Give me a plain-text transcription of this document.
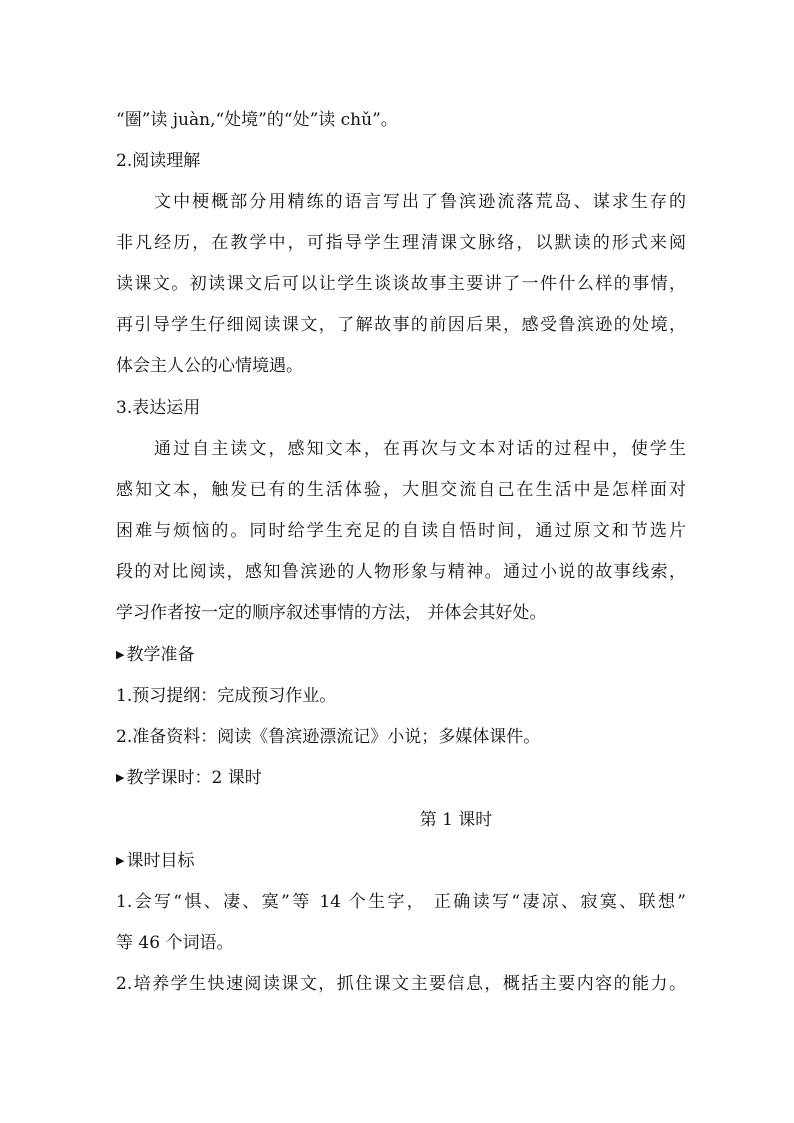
“圈”读 juàn,“处境”的“处”读 chǔ”。
2.阅读理解
文中梗概部分用精练的语言写出了鲁滨逊流落荒岛、谋求生存的
非凡经历，在教学中，可指导学生理清课文脉络，以默读的形式来阅
读课文。初读课文后可以让学生谈谈故事主要讲了一件什么样的事情，
再引导学生仔细阅读课文，了解故事的前因后果，感受鲁滨逊的处境，
体会主人公的心情境遇。
3.表达运用
通过自主读文，感知文本，在再次与文本对话的过程中，使学生
感知文本，触发已有的生活体验，大胆交流自己在生活中是怎样面对
困难与烦恼的。同时给学生充足的自读自悟时间，通过原文和节选片
段的对比阅读，感知鲁滨逊的人物形象与精神。通过小说的故事线索，
学习作者按一定的顺序叙述事情的方法， 并体会其好处。
▶ 教学准备
1.预习提纲：完成预习作业。
2.准备资料：阅读《鲁滨逊漂流记》小说；多媒体课件。
▶ 教学课时：2 课时
第 1 课时
▶ 课时目标
1.会写“惧、凄、寞”等 14 个生字， 正确读写“凄凉、寂寞、联想”
等 46 个词语。
2.培养学生快速阅读课文，抓住课文主要信息，概括主要内容的能力。
